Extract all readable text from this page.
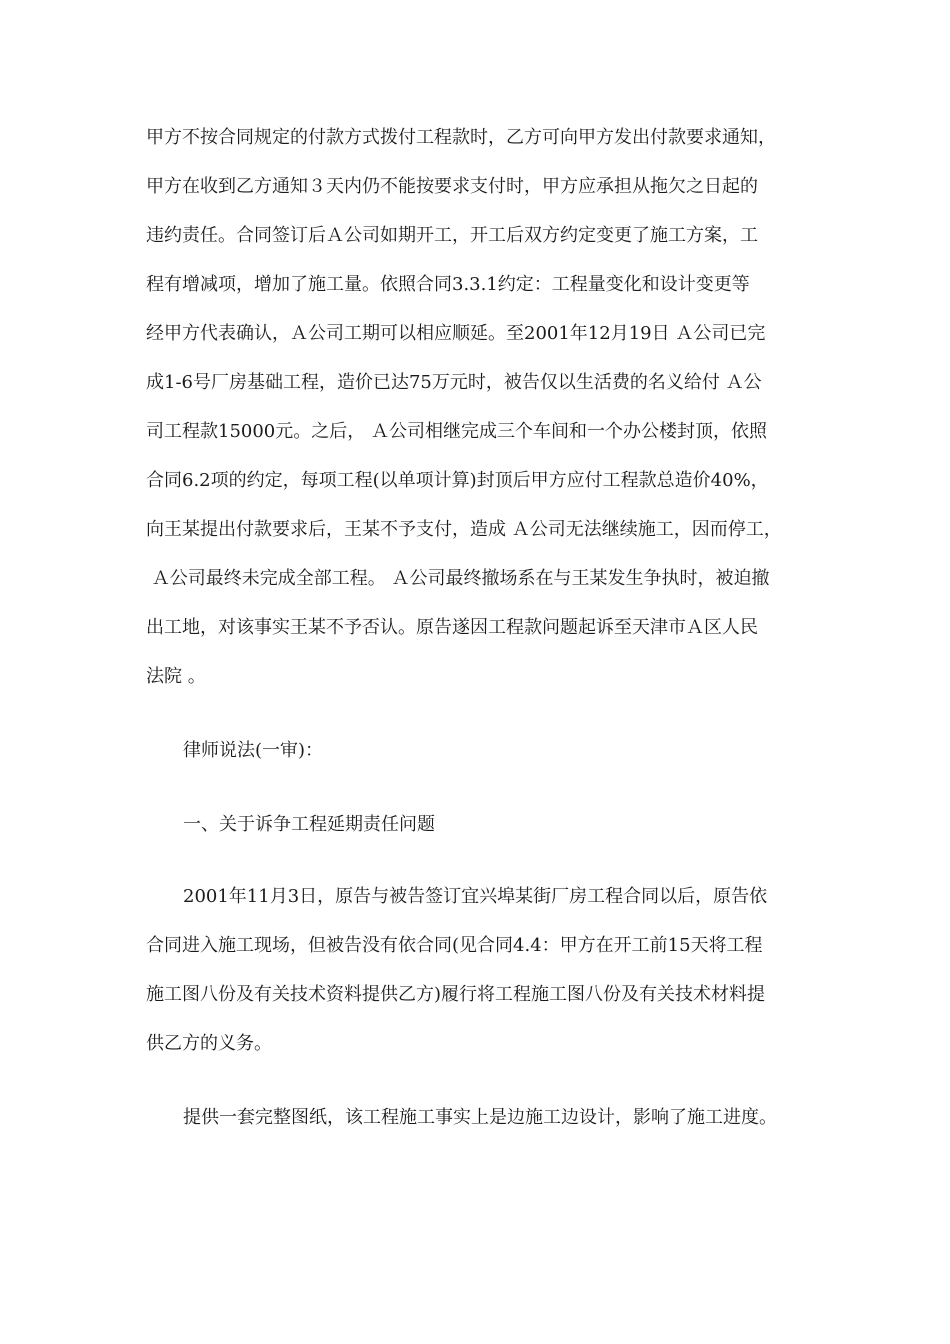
甲方不按合同规定的付款方式拨付工程款时，乙方可向甲方发出付款要求通知，

甲方在收到乙方通知３天内仍不能按要求支付时，甲方应承担从拖欠之日起的

违约责任。合同签订后Ａ公司如期开工，开工后双方约定变更了施工方案，工

程有增减项，增加了施工量。依照合同3.3.1约定：工程量变化和设计变更等

经甲方代表确认，Ａ公司工期可以相应顺延。至2001年12月19日 Ａ公司已完

成1-6号厂房基础工程，造价已达75万元时，被告仅以生活费的名义给付 Ａ公

司工程款15000元。之后， Ａ公司相继完成三个车间和一个办公楼封顶，依照

合同6.2项的约定，每项工程(以单项计算)封顶后甲方应付工程款总造价40%，

向王某提出付款要求后，王某不予支付，造成 Ａ公司无法继续施工，因而停工，

Ａ公司最终未完成全部工程。 Ａ公司最终撤场系在与王某发生争执时，被迫撤

出工地，对该事实王某不予否认。原告遂因工程款问题起诉至天津市Ａ区人民

法院 。

律师说法(一审)：

一、关于诉争工程延期责任问题

2001年11月3日，原告与被告签订宜兴埠某街厂房工程合同以后，原告依

合同进入施工现场，但被告没有依合同(见合同4.4：甲方在开工前15天将工程

施工图八份及有关技术资料提供乙方)履行将工程施工图八份及有关技术材料提

供乙方的义务。

提供一套完整图纸，该工程施工事实上是边施工边设计，影响了施工进度。
